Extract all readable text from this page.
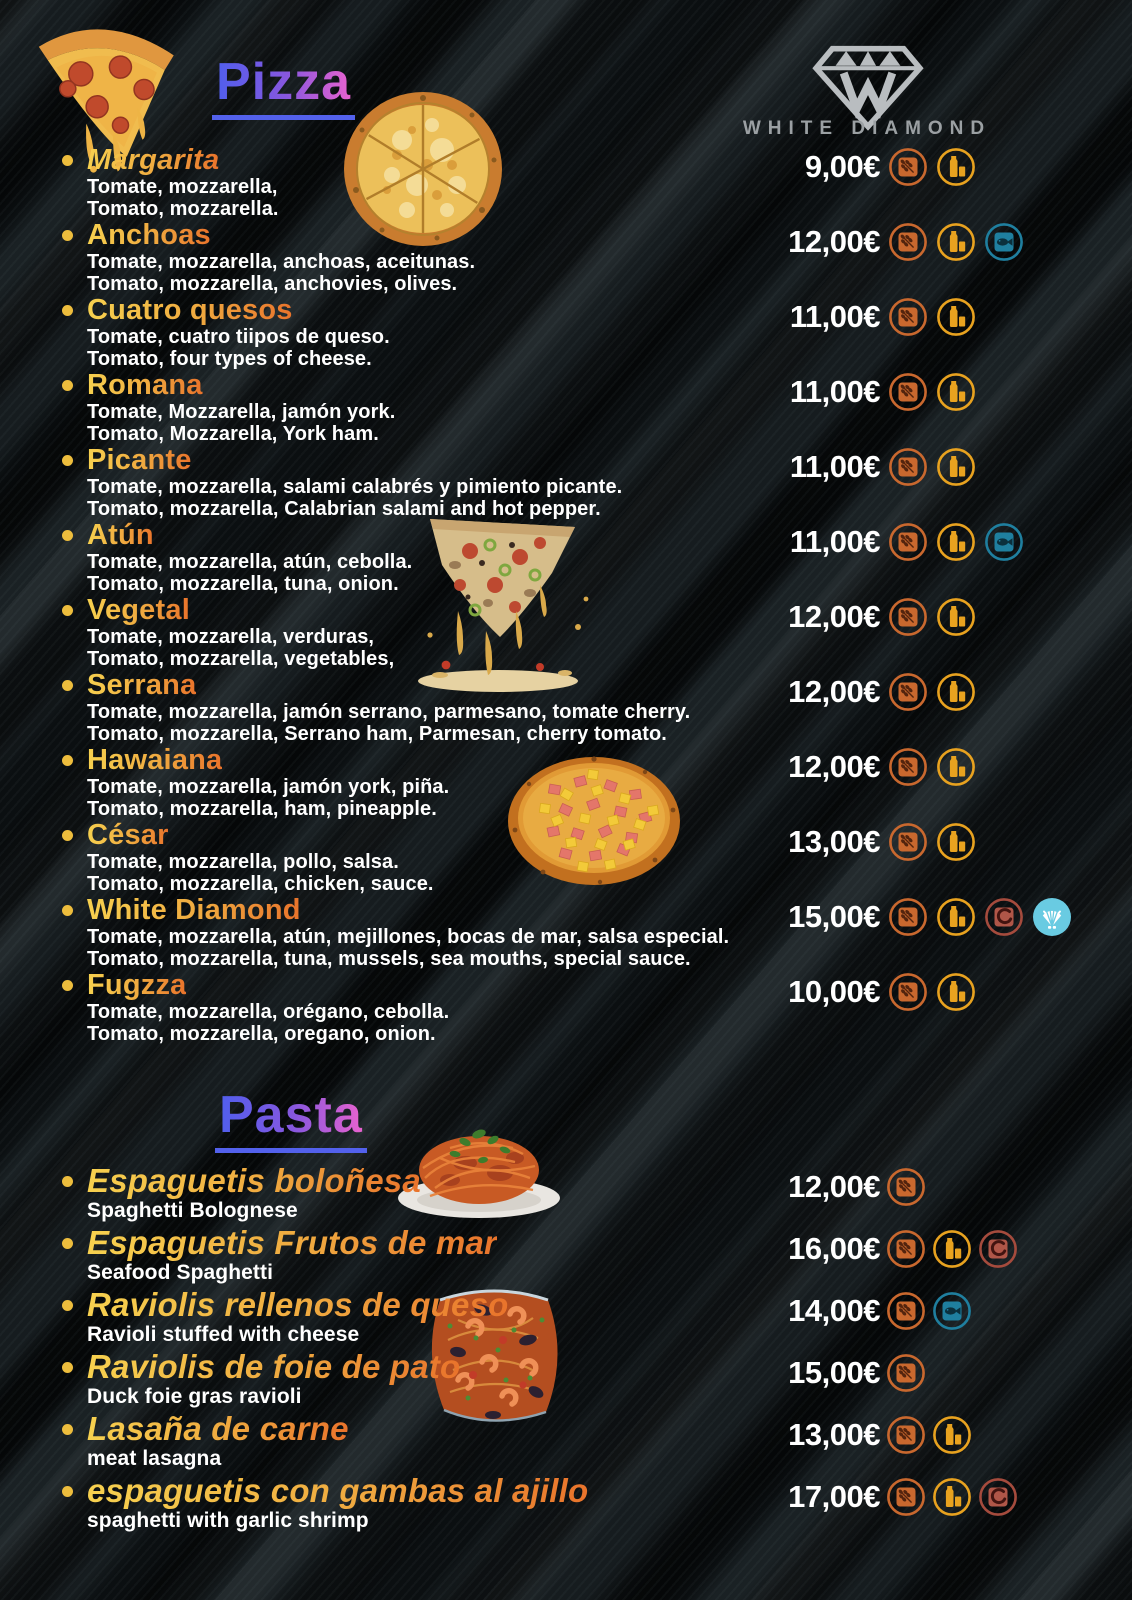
Pizza
WHITE DIAMOND
Margarita
Tomate, mozzarella,
Tomato, mozzarella.
9,00€
Anchoas
Tomate, mozzarella, anchoas, aceitunas.
Tomato, mozzarella, anchovies, olives.
12,00€
Cuatro quesos
Tomate, cuatro tiipos de queso.
Tomato, four types of cheese.
11,00€
Romana
Tomate, Mozzarella, jamón york.
Tomato, Mozzarella, York ham.
11,00€
Picante
Tomate, mozzarella, salami calabrés y pimiento picante.
Tomato, mozzarella, Calabrian salami and hot pepper.
11,00€
Atún
Tomate, mozzarella, atún, cebolla.
Tomato, mozzarella, tuna, onion.
11,00€
Vegetal
Tomate, mozzarella, verduras,
Tomato, mozzarella, vegetables,
12,00€
Serrana
Tomate, mozzarella, jamón serrano, parmesano, tomate cherry.
Tomato, mozzarella, Serrano ham, Parmesan, cherry tomato.
12,00€
Hawaiana
Tomate, mozzarella, jamón york, piña.
Tomato, mozzarella, ham, pineapple.
12,00€
César
Tomate, mozzarella, pollo, salsa.
Tomato, mozzarella, chicken, sauce.
13,00€
White Diamond
Tomate, mozzarella, atún, mejillones, bocas de mar, salsa especial.
Tomato, mozzarella, tuna, mussels, sea mouths, special sauce.
15,00€
Fugzza
Tomate, mozzarella, orégano, cebolla.
Tomato, mozzarella, oregano, onion.
10,00€
Pasta
Espaguetis boloñesa
Spaghetti Bolognese
12,00€
Espaguetis Frutos de mar
Seafood Spaghetti
16,00€
Raviolis rellenos de queso
Ravioli stuffed with cheese
14,00€
Raviolis de foie de pato
Duck foie gras ravioli
15,00€
Lasaña de carne
meat lasagna
13,00€
espaguetis con gambas al ajillo
spaghetti with garlic shrimp
17,00€
